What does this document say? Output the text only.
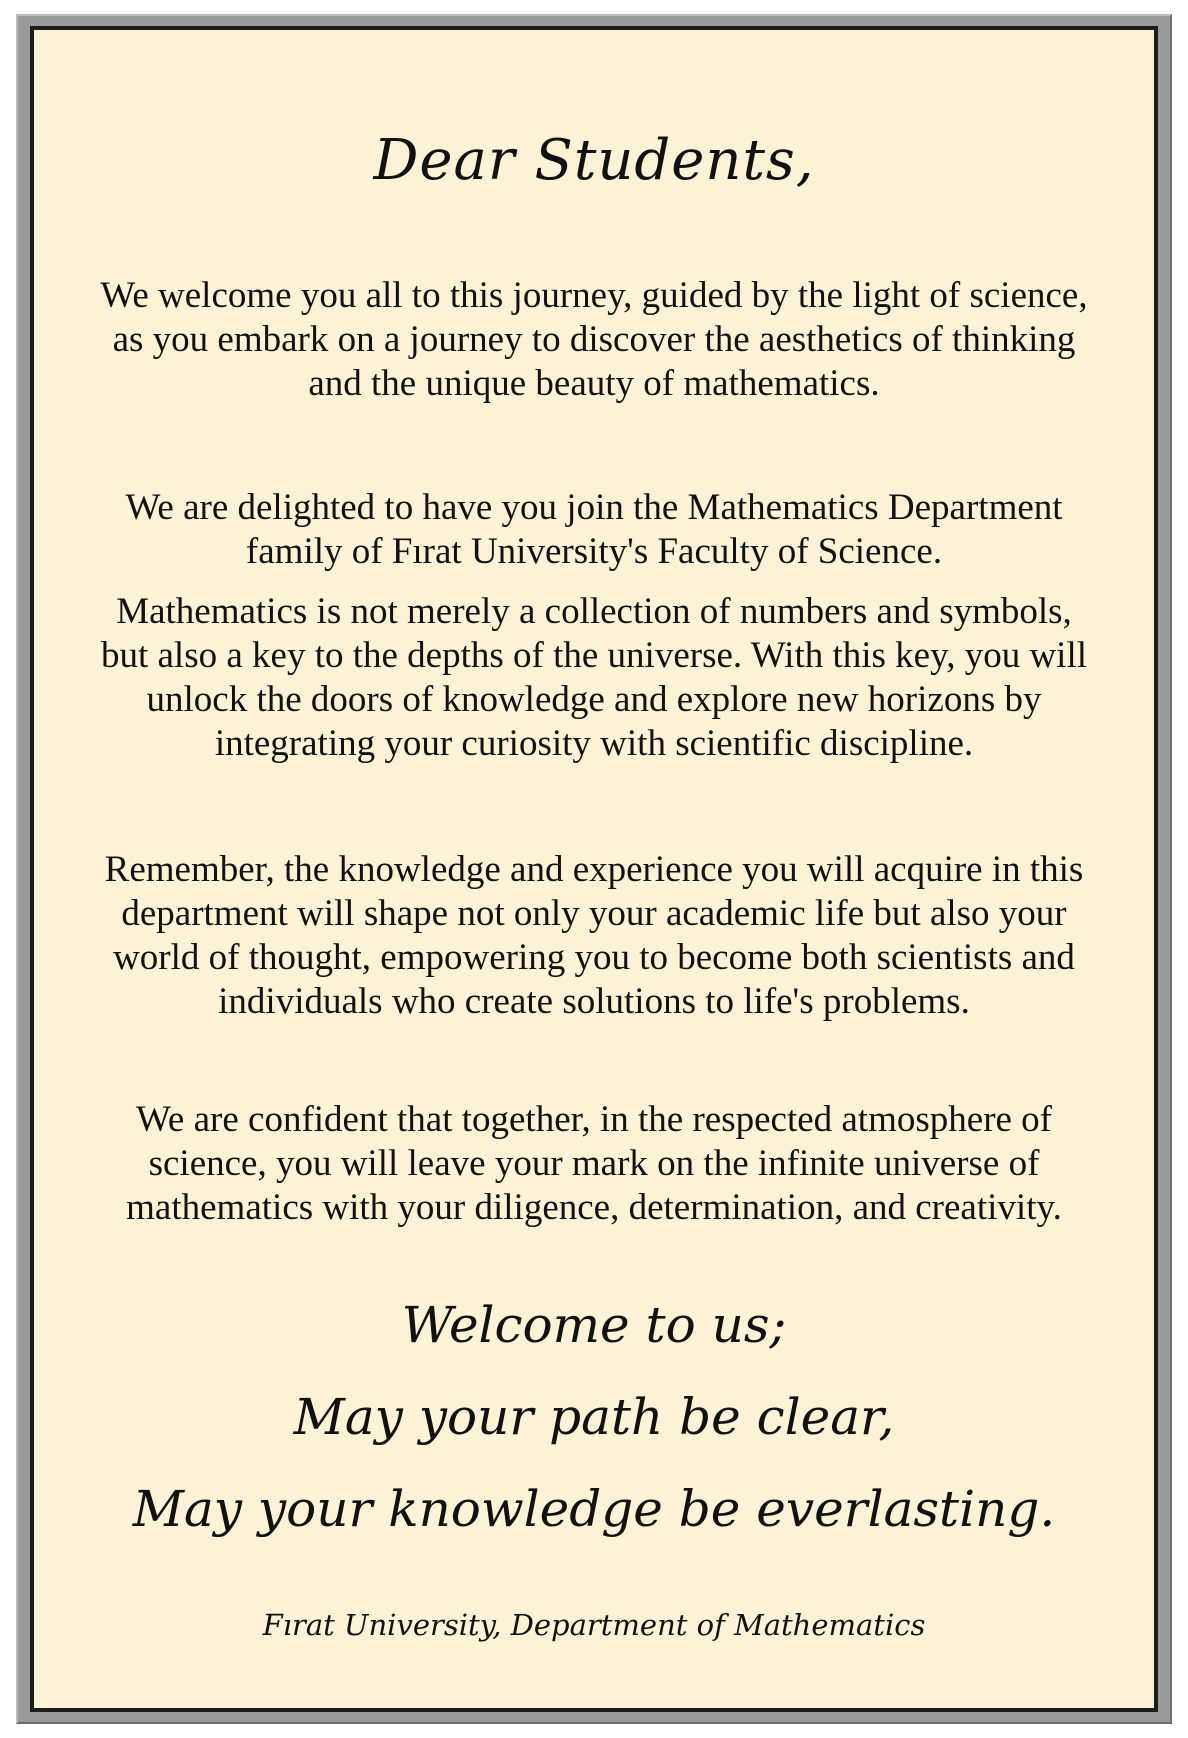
Dear Students,
We welcome you all to this journey, guided by the light of science,
as you embark on a journey to discover the aesthetics of thinking
and the unique beauty of mathematics.
We are delighted to have you join the Mathematics Department
family of Fırat University's Faculty of Science.
Mathematics is not merely a collection of numbers and symbols,
but also a key to the depths of the universe. With this key, you will
unlock the doors of knowledge and explore new horizons by
integrating your curiosity with scientific discipline.
Remember, the knowledge and experience you will acquire in this
department will shape not only your academic life but also your
world of thought, empowering you to become both scientists and
individuals who create solutions to life's problems.
We are confident that together, in the respected atmosphere of
science, you will leave your mark on the infinite universe of
mathematics with your diligence, determination, and creativity.
Welcome to us;
May your path be clear,
May your knowledge be everlasting.
Fırat University, Department of Mathematics
